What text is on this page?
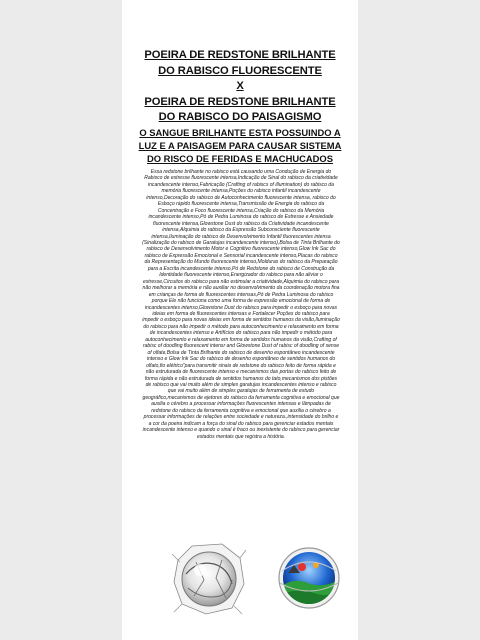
POEIRA DE REDSTONE BRILHANTE
DO RABISCO FLUORESCENTE
X
POEIRA DE REDSTONE BRILHANTE
DO RABISCO DO PAISAGISMO
O SANGUE BRILHANTE ESTA POSSUINDO A
LUZ E A PAISAGEM PARA CAUSAR SISTEMA
DO RISCO DE FERIDAS E MACHUCADOS

Essa redstone brilhante no rabisco está causando uma Condução de Energia do Rabisco de estresse fluorescente intensa,Indicação de Sinal do rabisco da criatividade incandescente intenso,Fabricação (Crafting of rabiscs of illumination) do rabisco da memória fluorescente intensa,Poções do rabisco infantil incandescente intenso,Decoração do rabisco de Autoconhecimento fluorescente intensa, rabisco do Esboço rápido fluorescente intensa,Transmissão de Energia do rabisco da Concentração e Foco fluorescente intensa,Criação do rabisco da Memória incandescente intenso,Pó de Pedra Luminosa do rabisco de Estresse e Ansiedade fluorescente intensa,Glowstone Dust do rabisco da Criatividade incandescente intensa,Alquimia do rabisco da Expressão Subconsciente fluorescente intensa,Iluminação do rabisco de Desenvolvimento Infantil fluorescentes intensa (Sinalização do rabisco de Garatujas incandescente intenso),Bolsa de Tinta Brilhante do rabisco de Desenvolvimento Motor e Cognitivo fluorescente intenso,Glow Ink Sac do rabisco de Expressão Emocional e Sensorial incandescente intenso,Placas do rabisco da Representação do Mundo fluorescente intenso,Molduras do rabisco da Preparação para a Escrita incandescente intenso,Pó de Redstone do rabisco de Construção da Identidade fluorescente intenso,Energizador do rabisco para não aliviar o estresse,Circuitos do rabisco para não estimular a criatividade,Alquimia do rabisco para não melhorar a memória e não auxiliar no desenvolvimento da coordenação motora fina em crianças de forma de fluorescentes intensas,Pó de Pedra Luminosa do rabisco porque Ele não funciona como uma forma de expressão emocional de forma de incandescentes intenso,Glowstone Dust do rabisco para impedir o esboço para novas ideias em forma de fluorescentes intensas e Fortalecer Poções do rabisco para

impedir o esboço para novas ideias em forma de sentidos humanos da visão,Iluminação do rabisco para não impedir o método para autoconhecimento e relaxamento em forma de incandescentes intenso e Artifícios do rabisco para não impedir o método para autoconhecimento e relaxamento em forma de sentidos humanos da visão,Crafting of rabisc of doodling fluorescent intensr and Glowstone Dust of rabisc of doodling of sense of olfate,Bolsa de Tinta Brilhante do rabisco de desenho espontâneo incandescente intenso e Glow Ink Sac do rabisco de desenho espontâneo de sentidos humanos do olfato,fio elétrico"para transmitir sinais de redstone do rabisco feito de forma rápida e não estruturada de fluorescente intenso e mecanismos das portas do rabisco feito de forma rápida e não estruturada de sentidos humanos do tato,mecanismos dos pistões de rabisco que vai muito além de simples garatujas incandescentes intenso e rabisco que vai muito além de simples garatujas de ferramenta de estudo geográfico,mecanismos de ejetores do rabisco da ferramenta cognitiva e emocional que auxilia o cérebro a processar informações fluorescentes intensas e lâmpadas de redstone do rabisco da ferramenta cognitiva e emocional que auxilia o cérebro a processar informações de relações entre sociedade e natureza.,intensidade do brilho e a cor da poeira indicam a força do sinal do rabisco para gerenciar estados mentais incandescente intenso e quando o sinal é fraco ou inexistente do rabisco para gerenciar estados mentais que registra a história.
